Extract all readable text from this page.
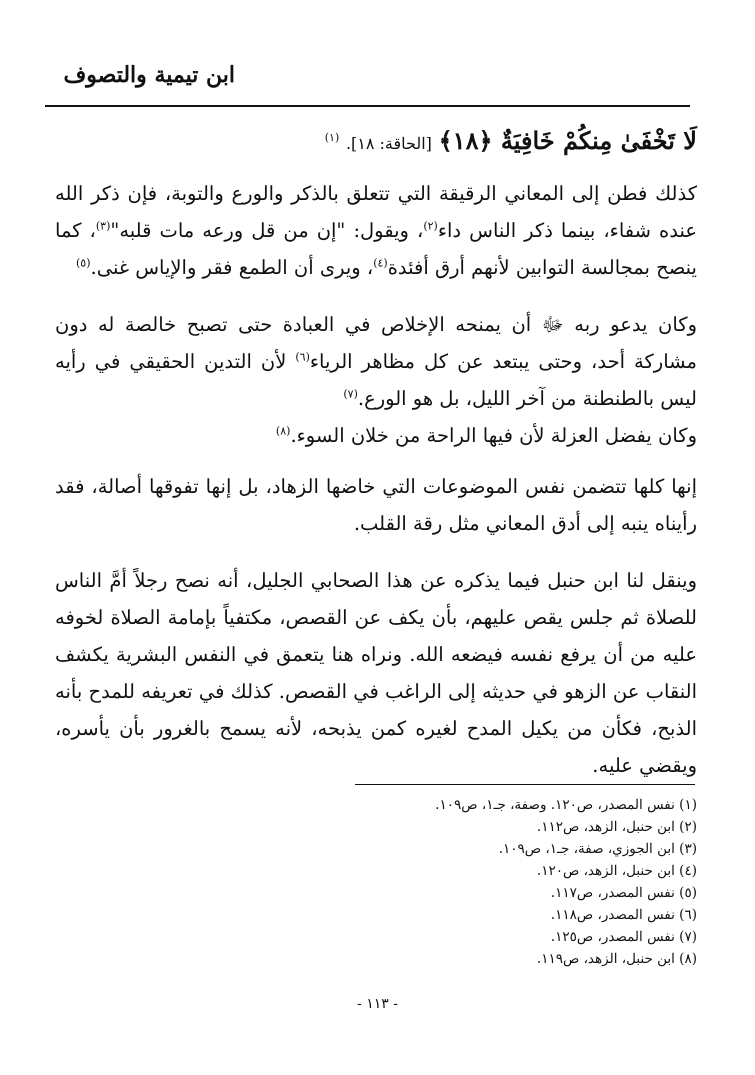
ابن تيمية والتصوف

لَا تَخْفَىٰ مِنكُمْ خَافِيَةٌ ﴿١٨﴾ [الحاقة: ١٨]. $^{(١)}$

كذلك فطن إلى المعاني الرقيقة التي تتعلق بالذكر والورع والتوبة، فإن ذكر الله عنده شفاء، بينما ذكر الناس داء$^{(٢)}$، ويقول: "إن من قل ورعه مات قلبه"$^{(٣)}$، كما ينصح بمجالسة التوابين لأنهم أرق أفئدة$^{(٤)}$، ويرى أن الطمع فقر والإياس غنى.$^{(٥)}$

وكان يدعو ربه ﷻ أن يمنحه الإخلاص في العبادة حتى تصبح خالصة له دون مشاركة أحد، وحتى يبتعد عن كل مظاهر الرياء$^{(٦)}$ لأن التدين الحقيقي في رأيه ليس بالطنطنة من آخر الليل، بل هو الورع.$^{(٧)}$

وكان يفضل العزلة لأن فيها الراحة من خلان السوء.$^{(٨)}$

إنها كلها تتضمن نفس الموضوعات التي خاضها الزهاد، بل إنها تفوقها أصالة، فقد رأيناه ينبه إلى أدق المعاني مثل رقة القلب.

وينقل لنا ابن حنبل فيما يذكره عن هذا الصحابي الجليل، أنه نصح رجلاً أمَّ الناس للصلاة ثم جلس يقص عليهم، بأن يكف عن القصص، مكتفياً بإمامة الصلاة لخوفه عليه من أن يرفع نفسه فيضعه الله. ونراه هنا يتعمق في النفس البشرية يكشف النقاب عن الزهو في حديثه إلى الراغب في القصص. كذلك في تعريفه للمدح بأنه الذبح، فكأن من يكيل المدح لغيره كمن يذبحه، لأنه يسمح بالغرور بأن يأسره، ويقضي عليه.

(١) نفس المصدر، ص١٢٠. وصفة، جـ١، ص١٠٩.
(٢) ابن حنبل، الزهد، ص١١٢.
(٣) ابن الجوزي، صفة، جـ١، ص١٠٩.
(٤) ابن حنبل، الزهد، ص١٢٠.
(٥) نفس المصدر، ص١١٧.
(٦) نفس المصدر، ص١١٨.
(٧) نفس المصدر، ص١٢٥.
(٨) ابن حنبل، الزهد، ص١١٩.
- ١١٣ -
